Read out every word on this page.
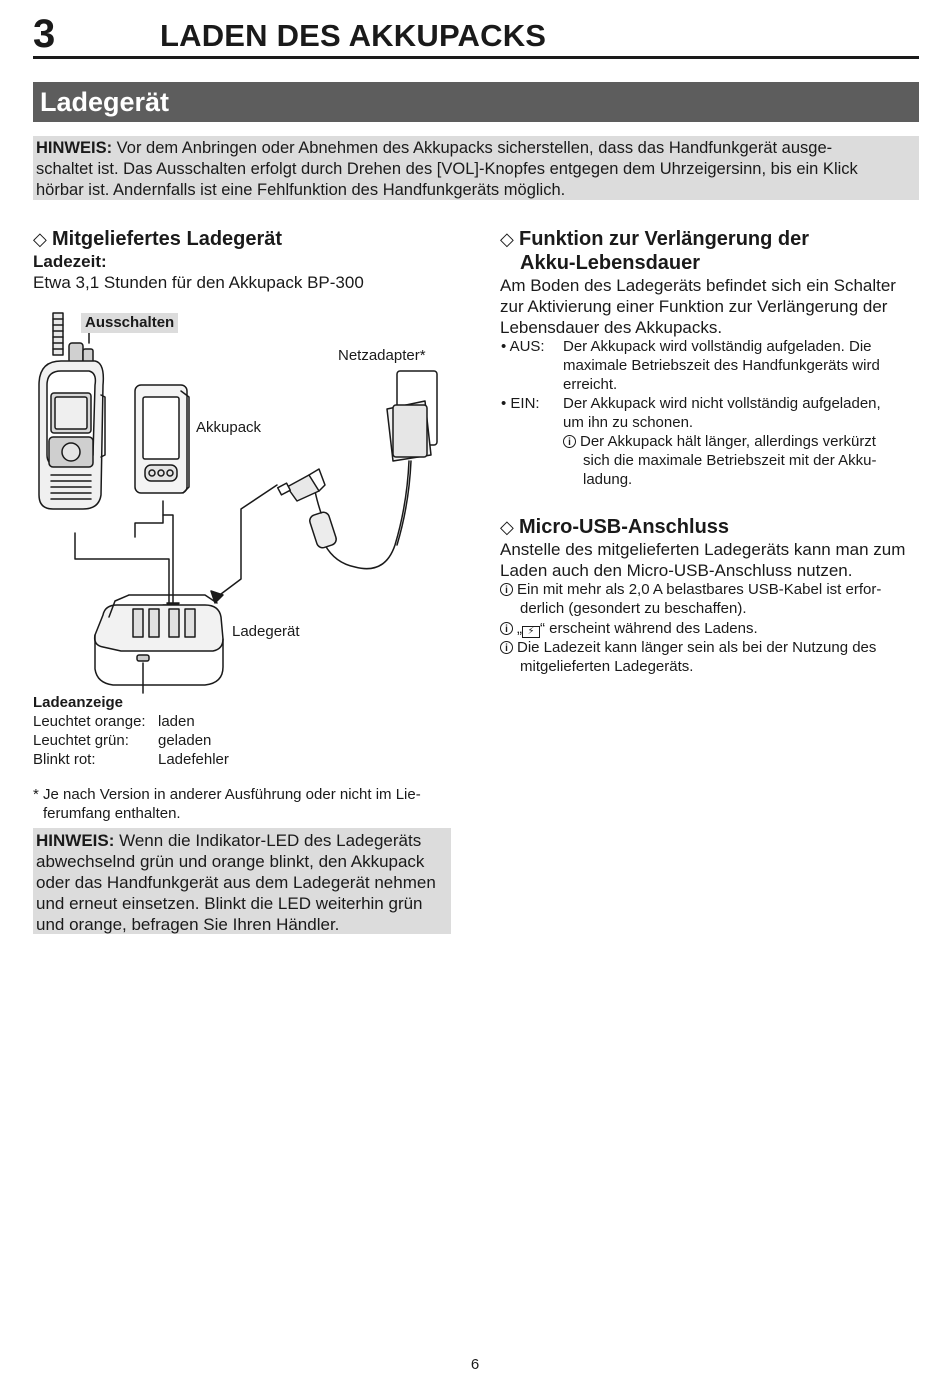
3	LADEN DES AKKUPACKS
Ladegerät
HINWEIS: Vor dem Anbringen oder Abnehmen des Akkupacks sicherstellen, dass das Handfunkgerät ausge-
schaltet ist. Das Ausschalten erfolgt durch Drehen des [VOL]-Knopfes entgegen dem Uhrzeigersinn, bis ein Klick
hörbar ist. Andernfalls ist eine Fehlfunktion des Handfunkgeräts möglich.
◇ Mitgeliefertes Ladegerät
Ladezeit:
Etwa 3,1 Stunden für den Akkupack BP-300
Ausschalten
Netzadapter*
Akkupack
Ladegerät
Ladeanzeige
Leuchtet orange: laden
Leuchtet grün: geladen
Blinkt rot:	Ladefehler
* Je nach Version in anderer Ausführung oder nicht im Lie-
ferumfang enthalten.
HINWEIS: Wenn die Indikator-LED des Ladegeräts
abwechselnd grün und orange blinkt, den Akkupack
oder das Handfunkgerät aus dem Ladegerät nehmen
und erneut einsetzen. Blinkt die LED weiterhin grün
und orange, befragen Sie Ihren Händler.
◇ Funktion zur Verlängerung der
Akku-Lebensdauer
Am Boden des Ladegeräts befindet sich ein Schalter
zur Aktivierung einer Funktion zur Verlängerung der
Lebensdauer des Akkupacks.
• AUS: Der Akkupack wird vollständig aufgeladen. Die
maximale Betriebszeit des Handfunkgeräts wird
erreicht.
• EIN: Der Akkupack wird nicht vollständig aufgeladen,
um ihn zu schonen.
i Der Akkupack hält länger, allerdings verkürzt
sich die maximale Betriebszeit mit der Akku-
ladung.
◇ Micro-USB-Anschluss
Anstelle des mitgelieferten Ladegeräts kann man zum
Laden auch den Micro-USB-Anschluss nutzen.
i Ein mit mehr als 2,0 A belastbares USB-Kabel ist erfor-
derlich (gesondert zu beschaffen).
i „ ⚡ “ erscheint während des Ladens.
i Die Ladezeit kann länger sein als bei der Nutzung des
mitgelieferten Ladegeräts.
6
